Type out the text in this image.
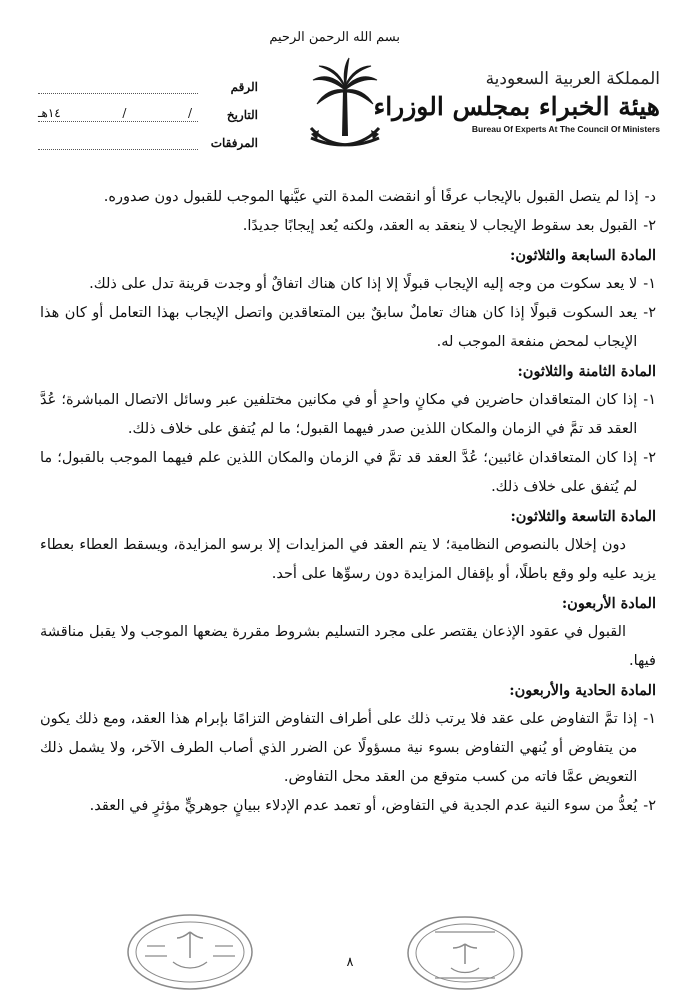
المملكة العربية السعودية
هيئة الخبراء بمجلس الوزراء
Bureau Of Experts At The Council Of Ministers
بسم الله الرحمن الرحيم
الرقم
التاريخ
/
/
١٤هـ
المرفقات
د-
إذا لم يتصل القبول بالإيجاب عرفًا أو انقضت المدة التي عيَّنها الموجب للقبول دون صدوره.
٢-
القبول بعد سقوط الإيجاب لا ينعقد به العقد، ولكنه يُعد إيجابًا جديدًا.

المادة السابعة والثلاثون:

١-
لا يعد سكوت من وجه إليه الإيجاب قبولًا إلا إذا كان هناك اتفاقٌ أو وجدت قرينة تدل على ذلك.
٢-
يعد السكوت قبولًا إذا كان هناك تعاملٌ سابقٌ بين المتعاقدين واتصل الإيجاب بهذا التعامل أو كان هذا الإيجاب لمحض منفعة الموجب له.

المادة الثامنة والثلاثون:

١-
إذا كان المتعاقدان حاضرين في مكانٍ واحدٍ أو في مكانين مختلفين عبر وسائل الاتصال المباشرة؛ عُدَّ العقد قد تمَّ في الزمان والمكان اللذين صدر فيهما القبول؛ ما لم يُتفق على خلاف ذلك.
٢-
إذا كان المتعاقدان غائبين؛ عُدَّ العقد قد تمَّ في الزمان والمكان اللذين علم فيهما الموجب بالقبول؛ ما لم يُتفق على خلاف ذلك.

المادة التاسعة والثلاثون:

دون إخلال بالنصوص النظامية؛ لا يتم العقد في المزايدات إلا برسو المزايدة، ويسقط العطاء بعطاء يزيد عليه ولو وقع باطلًا، أو بإقفال المزايدة دون رسوِّها على أحد.

المادة الأربعون:

القبول في عقود الإذعان يقتصر على مجرد التسليم بشروط مقررة يضعها الموجب ولا يقبل مناقشة فيها.

المادة الحادية والأربعون:

١-
إذا تمَّ التفاوض على عقد فلا يرتب ذلك على أطراف التفاوض التزامًا بإبرام هذا العقد، ومع ذلك يكون من يتفاوض أو يُنهي التفاوض بسوء نية مسؤولًا عن الضرر الذي أصاب الطرف الآخر، ولا يشمل ذلك التعويض عمَّا فاته من كسب متوقع من العقد محل التفاوض.
٢-
يُعدُّ من سوء النية عدم الجدية في التفاوض، أو تعمد عدم الإدلاء ببيانٍ جوهريٍّ مؤثرٍ في العقد.
٨
